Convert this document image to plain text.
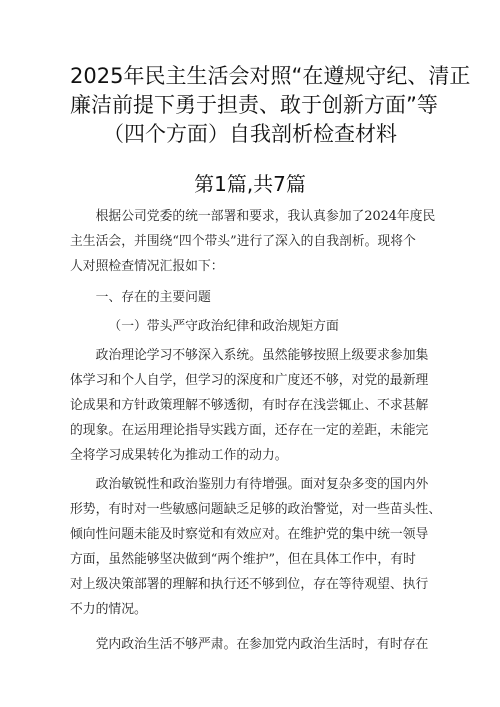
2025年民主生活会对照“在遵规守纪、清正
廉洁前提下勇于担责、敢于创新方面”等
（四个方面）自我剖析检查材料
第1篇,共7篇

根据公司党委的统一部署和要求，我认真参加了2024年度民
主生活会，并围绕“四个带头”进行了深入的自我剖析。现将个
人对照检查情况汇报如下：

一、存在的主要问题

（一）带头严守政治纪律和政治规矩方面

政治理论学习不够深入系统。虽然能够按照上级要求参加集
体学习和个人自学，但学习的深度和广度还不够，对党的最新理
论成果和方针政策理解不够透彻，有时存在浅尝辄止、不求甚解
的现象。在运用理论指导实践方面，还存在一定的差距，未能完
全将学习成果转化为推动工作的动力。

政治敏锐性和政治鉴别力有待增强。面对复杂多变的国内外
形势，有时对一些敏感问题缺乏足够的政治警觉，对一些苗头性、
倾向性问题未能及时察觉和有效应对。在维护党的集中统一领导
方面，虽然能够坚决做到“两个维护”，但在具体工作中，有时
对上级决策部署的理解和执行还不够到位，存在等待观望、执行
不力的情况。

党内政治生活不够严肃。在参加党内政治生活时，有时存在
